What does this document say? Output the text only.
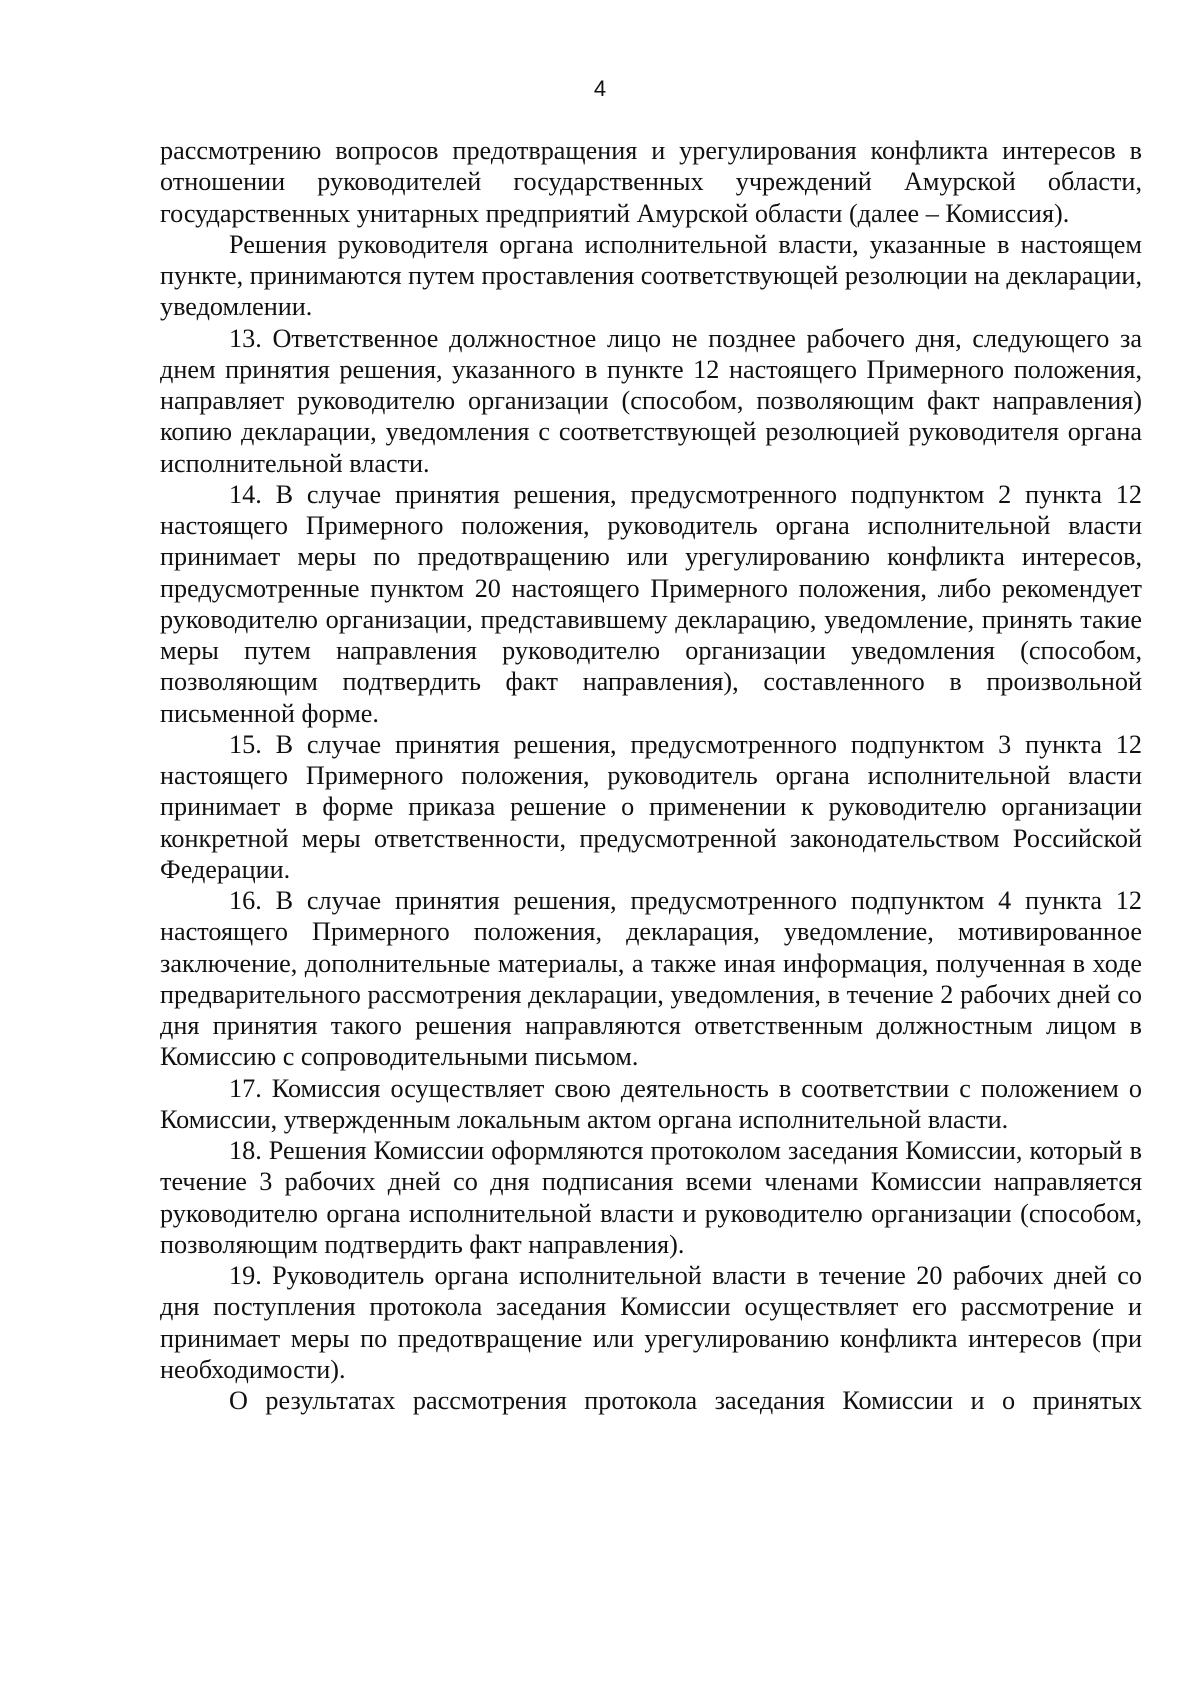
4

рассмотрению вопросов предотвращения и урегулирования конфликта интересов в отношении руководителей государственных учреждений Амурской области, государственных унитарных предприятий Амурской области (далее – Комиссия).

Решения руководителя органа исполнительной власти, указанные в настоящем пункте, принимаются путем проставления соответствующей резолюции на декларации, уведомлении.

13. Ответственное должностное лицо не позднее рабочего дня, следующего за днем принятия решения, указанного в пункте 12 настоящего Примерного положения, направляет руководителю организации (способом, позволяющим факт направления) копию декларации, уведомления с соответствующей резолюцией руководителя органа исполнительной власти.

14. В случае принятия решения, предусмотренного подпунктом 2 пункта 12 настоящего Примерного положения, руководитель органа исполнительной власти принимает меры по предотвращению или урегулированию конфликта интересов, предусмотренные пунктом 20 настоящего Примерного положения, либо рекомендует руководителю организации, представившему декларацию, уведомление, принять такие меры путем направления руководителю организации уведомления (способом, позволяющим подтвердить факт направления), составленного в произвольной письменной форме.

15. В случае принятия решения, предусмотренного подпунктом 3 пункта 12 настоящего Примерного положения, руководитель органа исполнительной власти принимает в форме приказа решение о применении к руководителю организации конкретной меры ответственности, предусмотренной законодательством Российской Федерации.

16. В случае принятия решения, предусмотренного подпунктом 4 пункта 12 настоящего Примерного положения, декларация, уведомление, мотивированное заключение, дополнительные материалы, а также иная информация, полученная в ходе предварительного рассмотрения декларации, уведомления, в течение 2 рабочих дней со дня принятия такого решения направляются ответственным должностным лицом в Комиссию с сопроводительными письмом.

17. Комиссия осуществляет свою деятельность в соответствии с положением о Комиссии, утвержденным локальным актом органа исполнительной власти.

18. Решения Комиссии оформляются протоколом заседания Комиссии, который в течение 3 рабочих дней со дня подписания всеми членами Комиссии направляется руководителю органа исполнительной власти и руководителю организации (способом, позволяющим подтвердить факт направления).

19. Руководитель органа исполнительной власти в течение 20 рабочих дней со дня поступления протокола заседания Комиссии осуществляет его рассмотрение и принимает меры по предотвращение или урегулированию конфликта интересов (при необходимости).

О результатах рассмотрения протокола заседания Комиссии и о принятых
